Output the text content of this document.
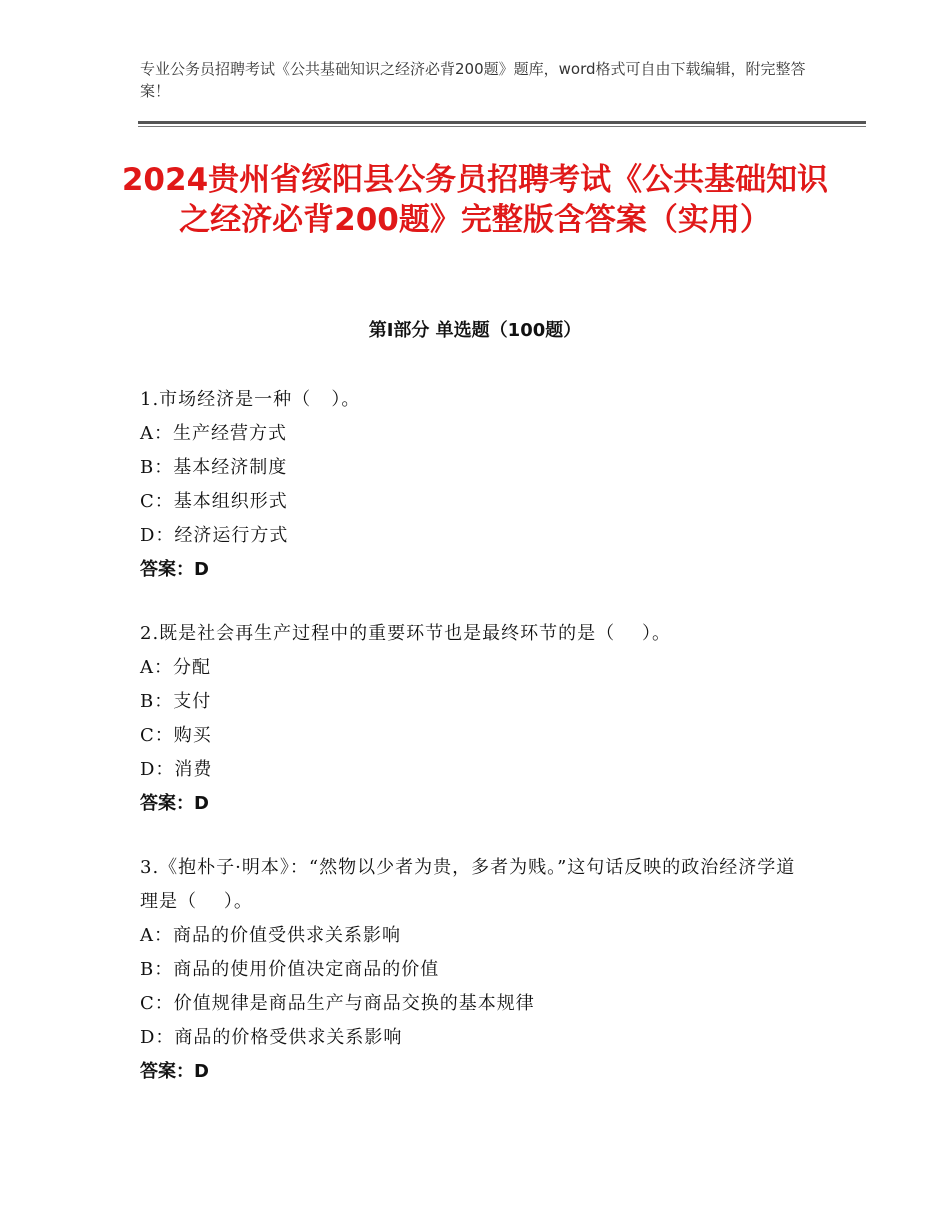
专业公务员招聘考试《公共基础知识之经济必背200题》题库，word格式可自由下载编辑，附完整答案！
2024贵州省绥阳县公务员招聘考试《公共基础知识之经济必背200题》完整版含答案（实用）
第Ⅰ部分 单选题（100题）
1.市场经济是一种（   ）。
A：生产经营方式
B：基本经济制度
C：基本组织形式
D：经济运行方式
答案：D
2.既是社会再生产过程中的重要环节也是最终环节的是（    ）。
A：分配
B：支付
C：购买
D：消费
答案：D
3.《抱朴子·明本》：“然物以少者为贵，多者为贱。”这句话反映的政治经济学道理是（    ）。
A：商品的价值受供求关系影响
B：商品的使用价值决定商品的价值
C：价值规律是商品生产与商品交换的基本规律
D：商品的价格受供求关系影响
答案：D
